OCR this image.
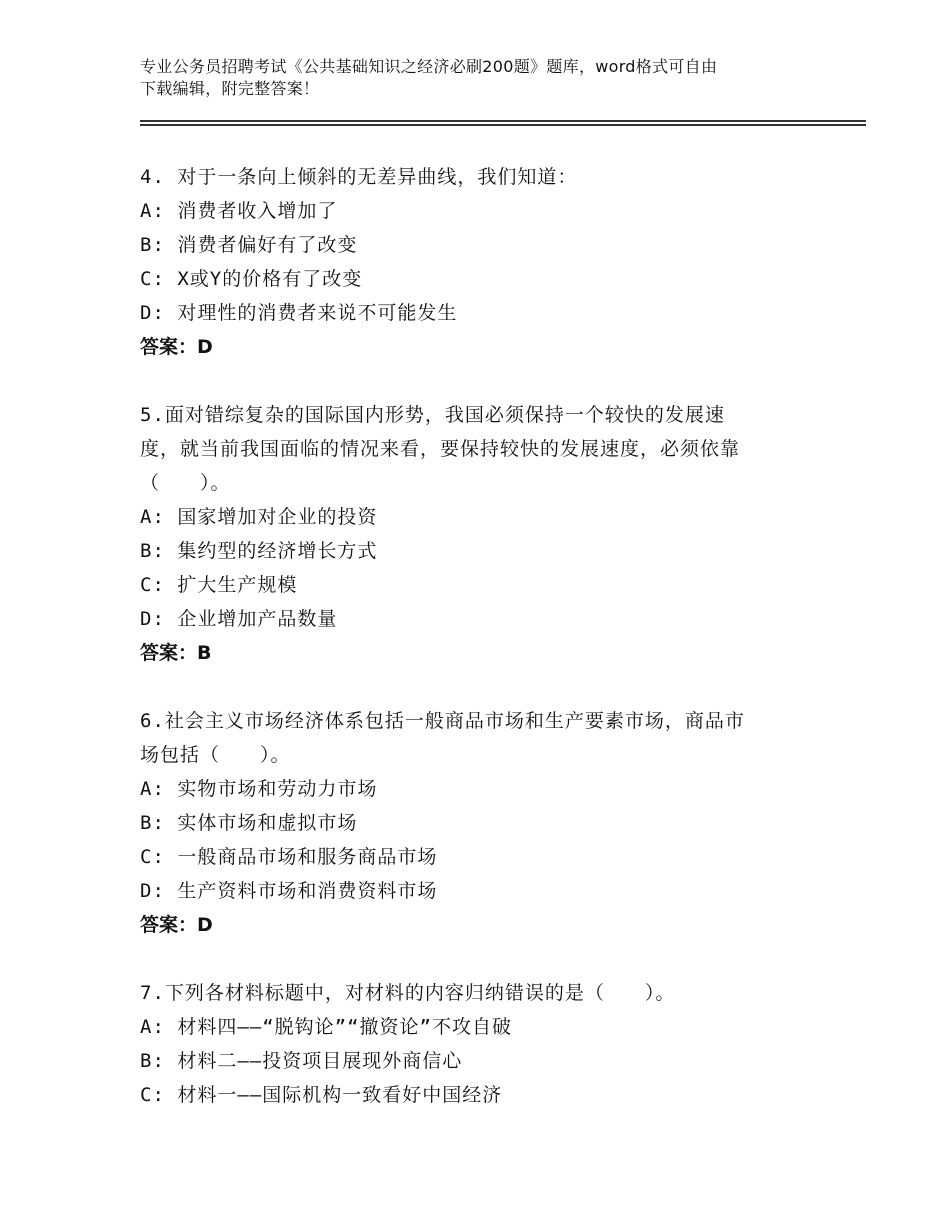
专业公务员招聘考试《公共基础知识之经济必刷200题》题库，word格式可自由
下载编辑，附完整答案！
4. 对于一条向上倾斜的无差异曲线，我们知道：
A: 消费者收入增加了
B: 消费者偏好有了改变
C: X或Y的价格有了改变
D: 对理性的消费者来说不可能发生
答案：D
5.面对错综复杂的国际国内形势，我国必须保持一个较快的发展速
度，就当前我国面临的情况来看，要保持较快的发展速度，必须依靠
（　　）。
A: 国家增加对企业的投资
B: 集约型的经济增长方式
C: 扩大生产规模
D: 企业增加产品数量
答案：B
6.社会主义市场经济体系包括一般商品市场和生产要素市场，商品市
场包括（　　）。
A: 实物市场和劳动力市场
B: 实体市场和虚拟市场
C: 一般商品市场和服务商品市场
D: 生产资料市场和消费资料市场
答案：D
7.下列各材料标题中，对材料的内容归纳错误的是（　　）。
A: 材料四——“脱钩论”“撤资论”不攻自破
B: 材料二——投资项目展现外商信心
C: 材料一——国际机构一致看好中国经济
